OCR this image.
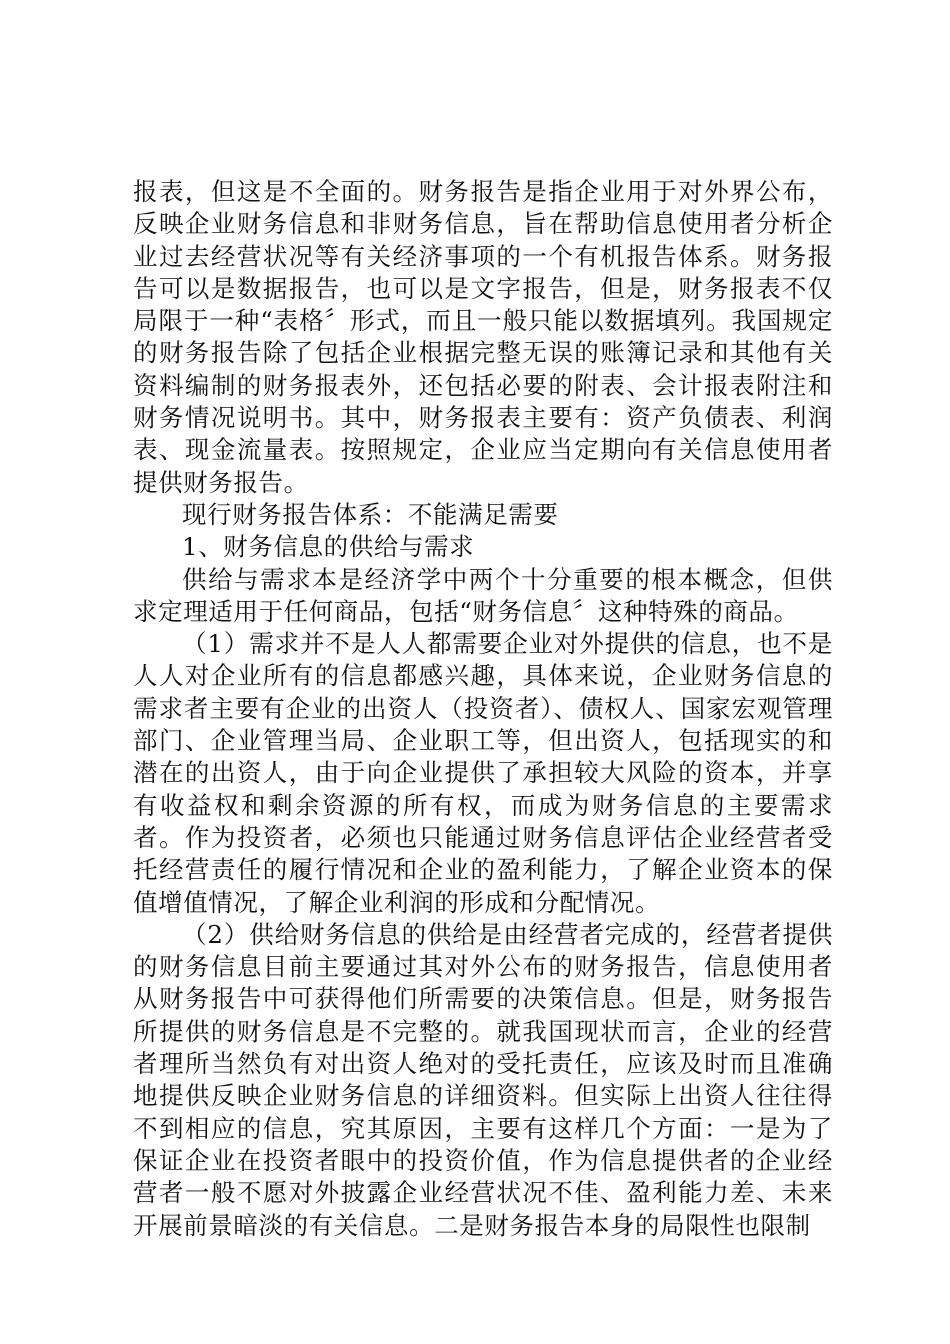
报表，但这是不全面的。财务报告是指企业用于对外界公布，反映企业财务信息和非财务信息，旨在帮助信息使用者分析企业过去经营状况等有关经济事项的一个有机报告体系。财务报告可以是数据报告，也可以是文字报告，但是，财务报表不仅局限于一种“表格〞形式，而且一般只能以数据填列。我国规定的财务报告除了包括企业根据完整无误的账簿记录和其他有关资料编制的财务报表外，还包括必要的附表、会计报表附注和财务情况说明书。其中，财务报表主要有：资产负债表、利润表、现金流量表。按照规定，企业应当定期向有关信息使用者提供财务报告。

现行财务报告体系：不能满足需要

1、财务信息的供给与需求

供给与需求本是经济学中两个十分重要的根本概念，但供求定理适用于任何商品，包括“财务信息〞这种特殊的商品。

（1）需求并不是人人都需要企业对外提供的信息，也不是人人对企业所有的信息都感兴趣，具体来说，企业财务信息的需求者主要有企业的出资人（投资者）、债权人、国家宏观管理部门、企业管理当局、企业职工等，但出资人，包括现实的和潜在的出资人，由于向企业提供了承担较大风险的资本，并享有收益权和剩余资源的所有权，而成为财务信息的主要需求者。作为投资者，必须也只能通过财务信息评估企业经营者受托经营责任的履行情况和企业的盈利能力，了解企业资本的保值增值情况，了解企业利润的形成和分配情况。

（2）供给财务信息的供给是由经营者完成的，经营者提供的财务信息目前主要通过其对外公布的财务报告，信息使用者从财务报告中可获得他们所需要的决策信息。但是，财务报告所提供的财务信息是不完整的。就我国现状而言，企业的经营者理所当然负有对出资人绝对的受托责任，应该及时而且准确地提供反映企业财务信息的详细资料。但实际上出资人往往得不到相应的信息，究其原因，主要有这样几个方面：一是为了保证企业在投资者眼中的投资价值，作为信息提供者的企业经营者一般不愿对外披露企业经营状况不佳、盈利能力差、未来开展前景暗淡的有关信息。二是财务报告本身的局限性也限制
